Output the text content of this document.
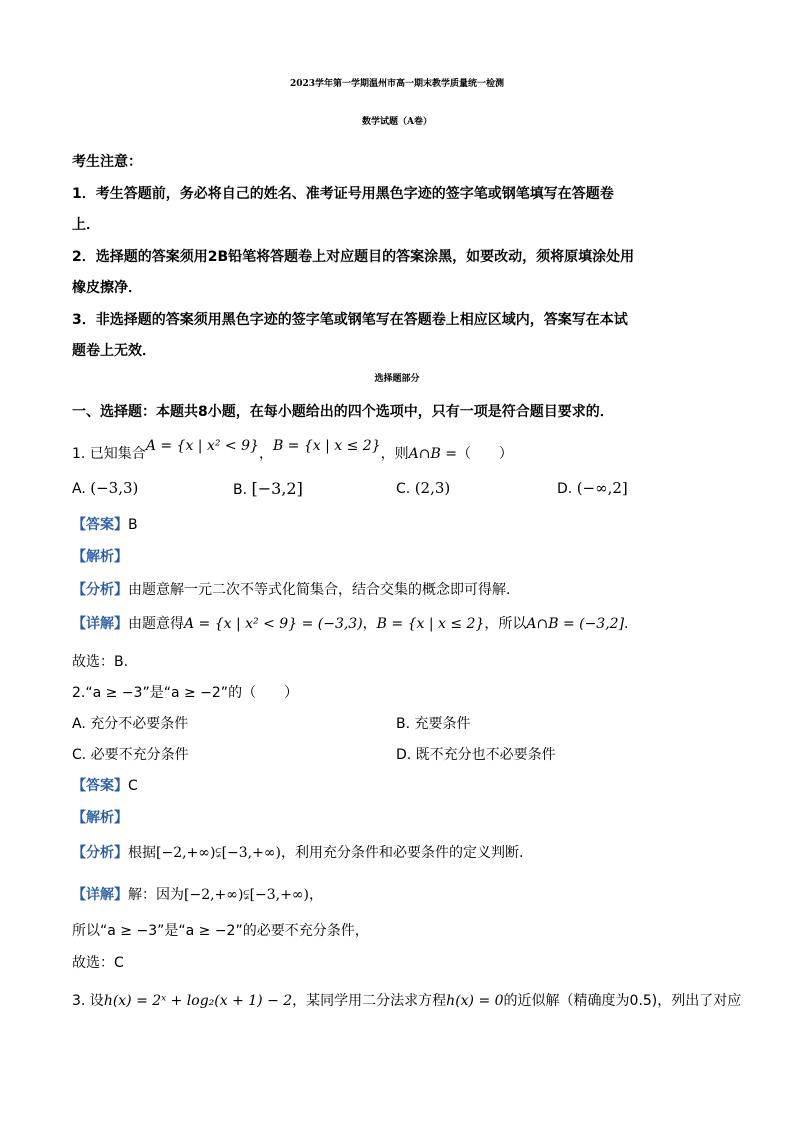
2023学年第一学期温州市高一期末教学质量统一检测
数学试题（A卷）
考生注意：
1．考生答题前，务必将自己的姓名、准考证号用黑色字迹的签字笔或钢笔填写在答题卷
上．
2．选择题的答案须用2B铅笔将答题卷上对应题目的答案涂黑，如要改动，须将原填涂处用
橡皮擦净．
3．非选择题的答案须用黑色字迹的签字笔或钢笔写在答题卷上相应区域内，答案写在本试
题卷上无效．
选择题部分
一、选择题：本题共8小题，在每小题给出的四个选项中，只有一项是符合题目要求的．
1. 已知集合A = {x | x² < 9}，B = {x | x ≤ 2}，则A∩B =（　　）
A. (−3,3)	B. [−3,2]	C. (2,3)	D. (−∞,2]
【答案】B
【解析】
【分析】由题意解一元二次不等式化简集合，结合交集的概念即可得解.
【详解】由题意得A = {x | x² < 9} = (−3,3)，B = {x | x ≤ 2}，所以A∩B = (−3,2].
故选：B.
2.“a ≥ −3”是“a ≥ −2”的（　　）
A. 充分不必要条件	B. 充要条件
C. 必要不充分条件	D. 既不充分也不必要条件
【答案】C
【解析】
【分析】根据[−2,+∞)⫋[−3,+∞)，利用充分条件和必要条件的定义判断.
【详解】解：因为[−2,+∞)⫋[−3,+∞)，
所以“a ≥ −3”是“a ≥ −2”的必要不充分条件，
故选：C
3. 设h(x) = 2ˣ + log₂(x + 1) − 2，某同学用二分法求方程h(x) = 0的近似解（精确度为0.5)，列出了对应
